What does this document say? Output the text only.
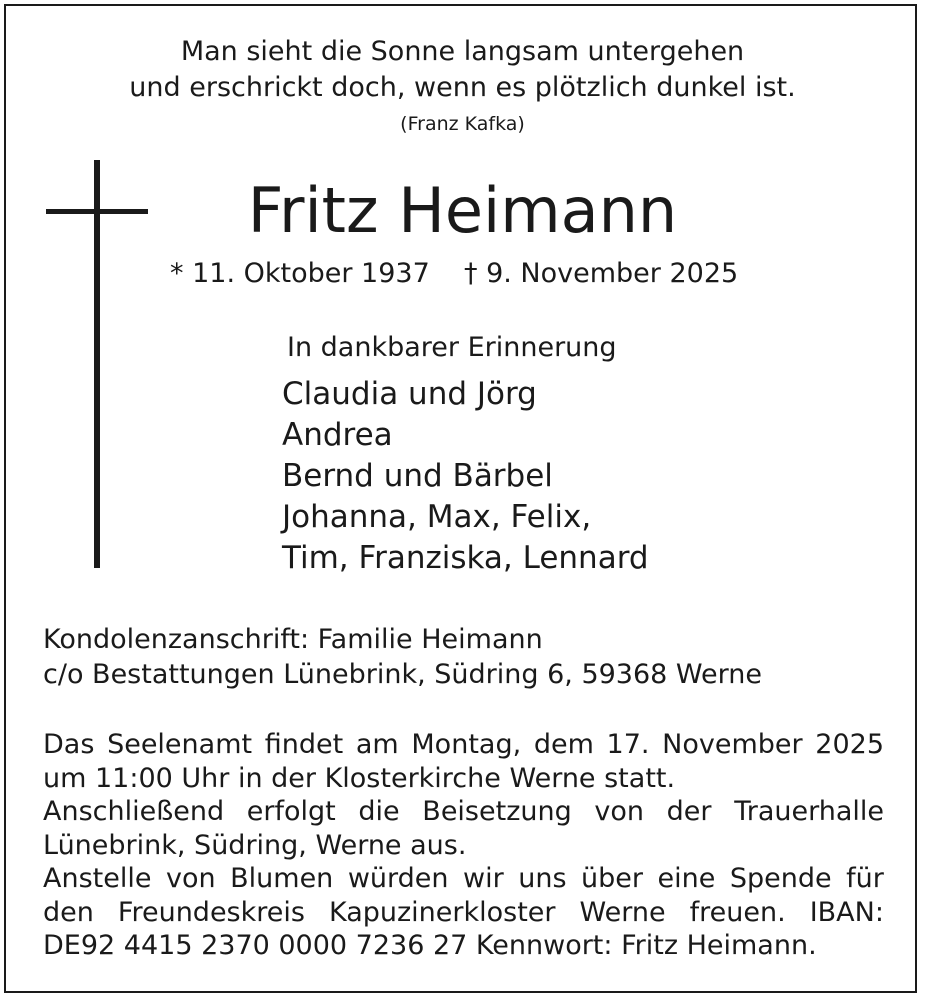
Man sieht die Sonne langsam untergehen
und erschrickt doch, wenn es plötzlich dunkel ist.
(Franz Kafka)
Fritz Heimann
* 11. Oktober 1937 † 9. November 2025
In dankbarer Erinnerung
Claudia und Jörg
Andrea
Bernd und Bärbel
Johanna, Max, Felix,
Tim, Franziska, Lennard
Kondolenzanschrift: Familie Heimann
c/o Bestattungen Lünebrink, Südring 6, 59368 Werne
Das Seelenamt findet am Montag, dem 17. November 2025
um 11:00 Uhr in der Klosterkirche Werne statt.
Anschließend erfolgt die Beisetzung von der Trauerhalle
Lünebrink, Südring, Werne aus.
Anstelle von Blumen würden wir uns über eine Spende für
den Freundeskreis Kapuzinerkloster Werne freuen. IBAN:
DE92 4415 2370 0000 7236 27 Kennwort: Fritz Heimann.
